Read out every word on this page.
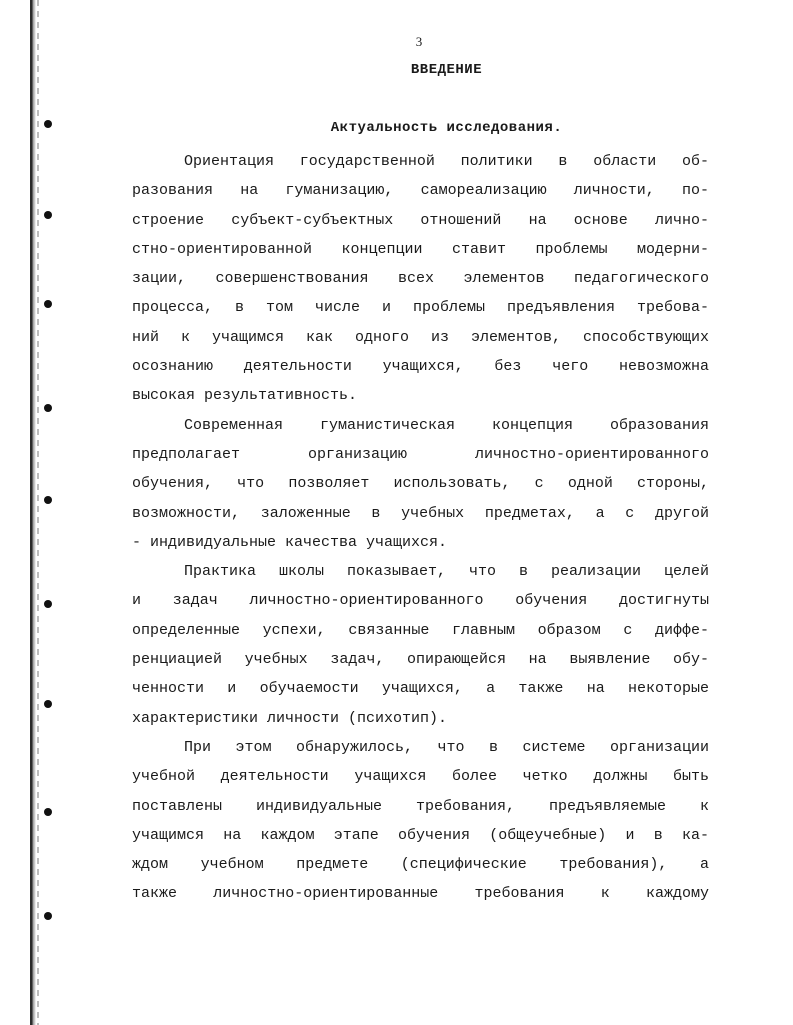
3
ВВЕДЕНИЕ
Актуальность исследования.
Ориентация государственной политики в области об-
разования на гуманизацию, самореализацию личности, по-
строение субъект-субъектных отношений на основе лично-
стно-ориентированной концепции ставит проблемы модерни-
зации, совершенствования всех элементов педагогического
процесса, в том числе и проблемы предъявления требова-
ний к учащимся как одного из элементов, способствующих
осознанию деятельности учащихся, без чего невозможна
высокая результативность.
Современная гуманистическая концепция образования
предполагает организацию личностно-ориентированного
обучения, что позволяет использовать, с одной стороны,
возможности, заложенные в учебных предметах, а с другой
- индивидуальные качества учащихся.
Практика школы показывает, что в реализации целей
и задач личностно-ориентированного обучения достигнуты
определенные успехи, связанные главным образом с диффе-
ренциацией учебных задач, опирающейся на выявление обу-
ченности и обучаемости учащихся, а также на некоторые
характеристики личности (психотип).
При этом обнаружилось, что в системе организации
учебной деятельности учащихся более четко должны быть
поставлены индивидуальные требования, предъявляемые к
учащимся на каждом этапе обучения (общеучебные) и в ка-
ждом учебном предмете (специфические требования), а
также личностно-ориентированные требования к каждому
